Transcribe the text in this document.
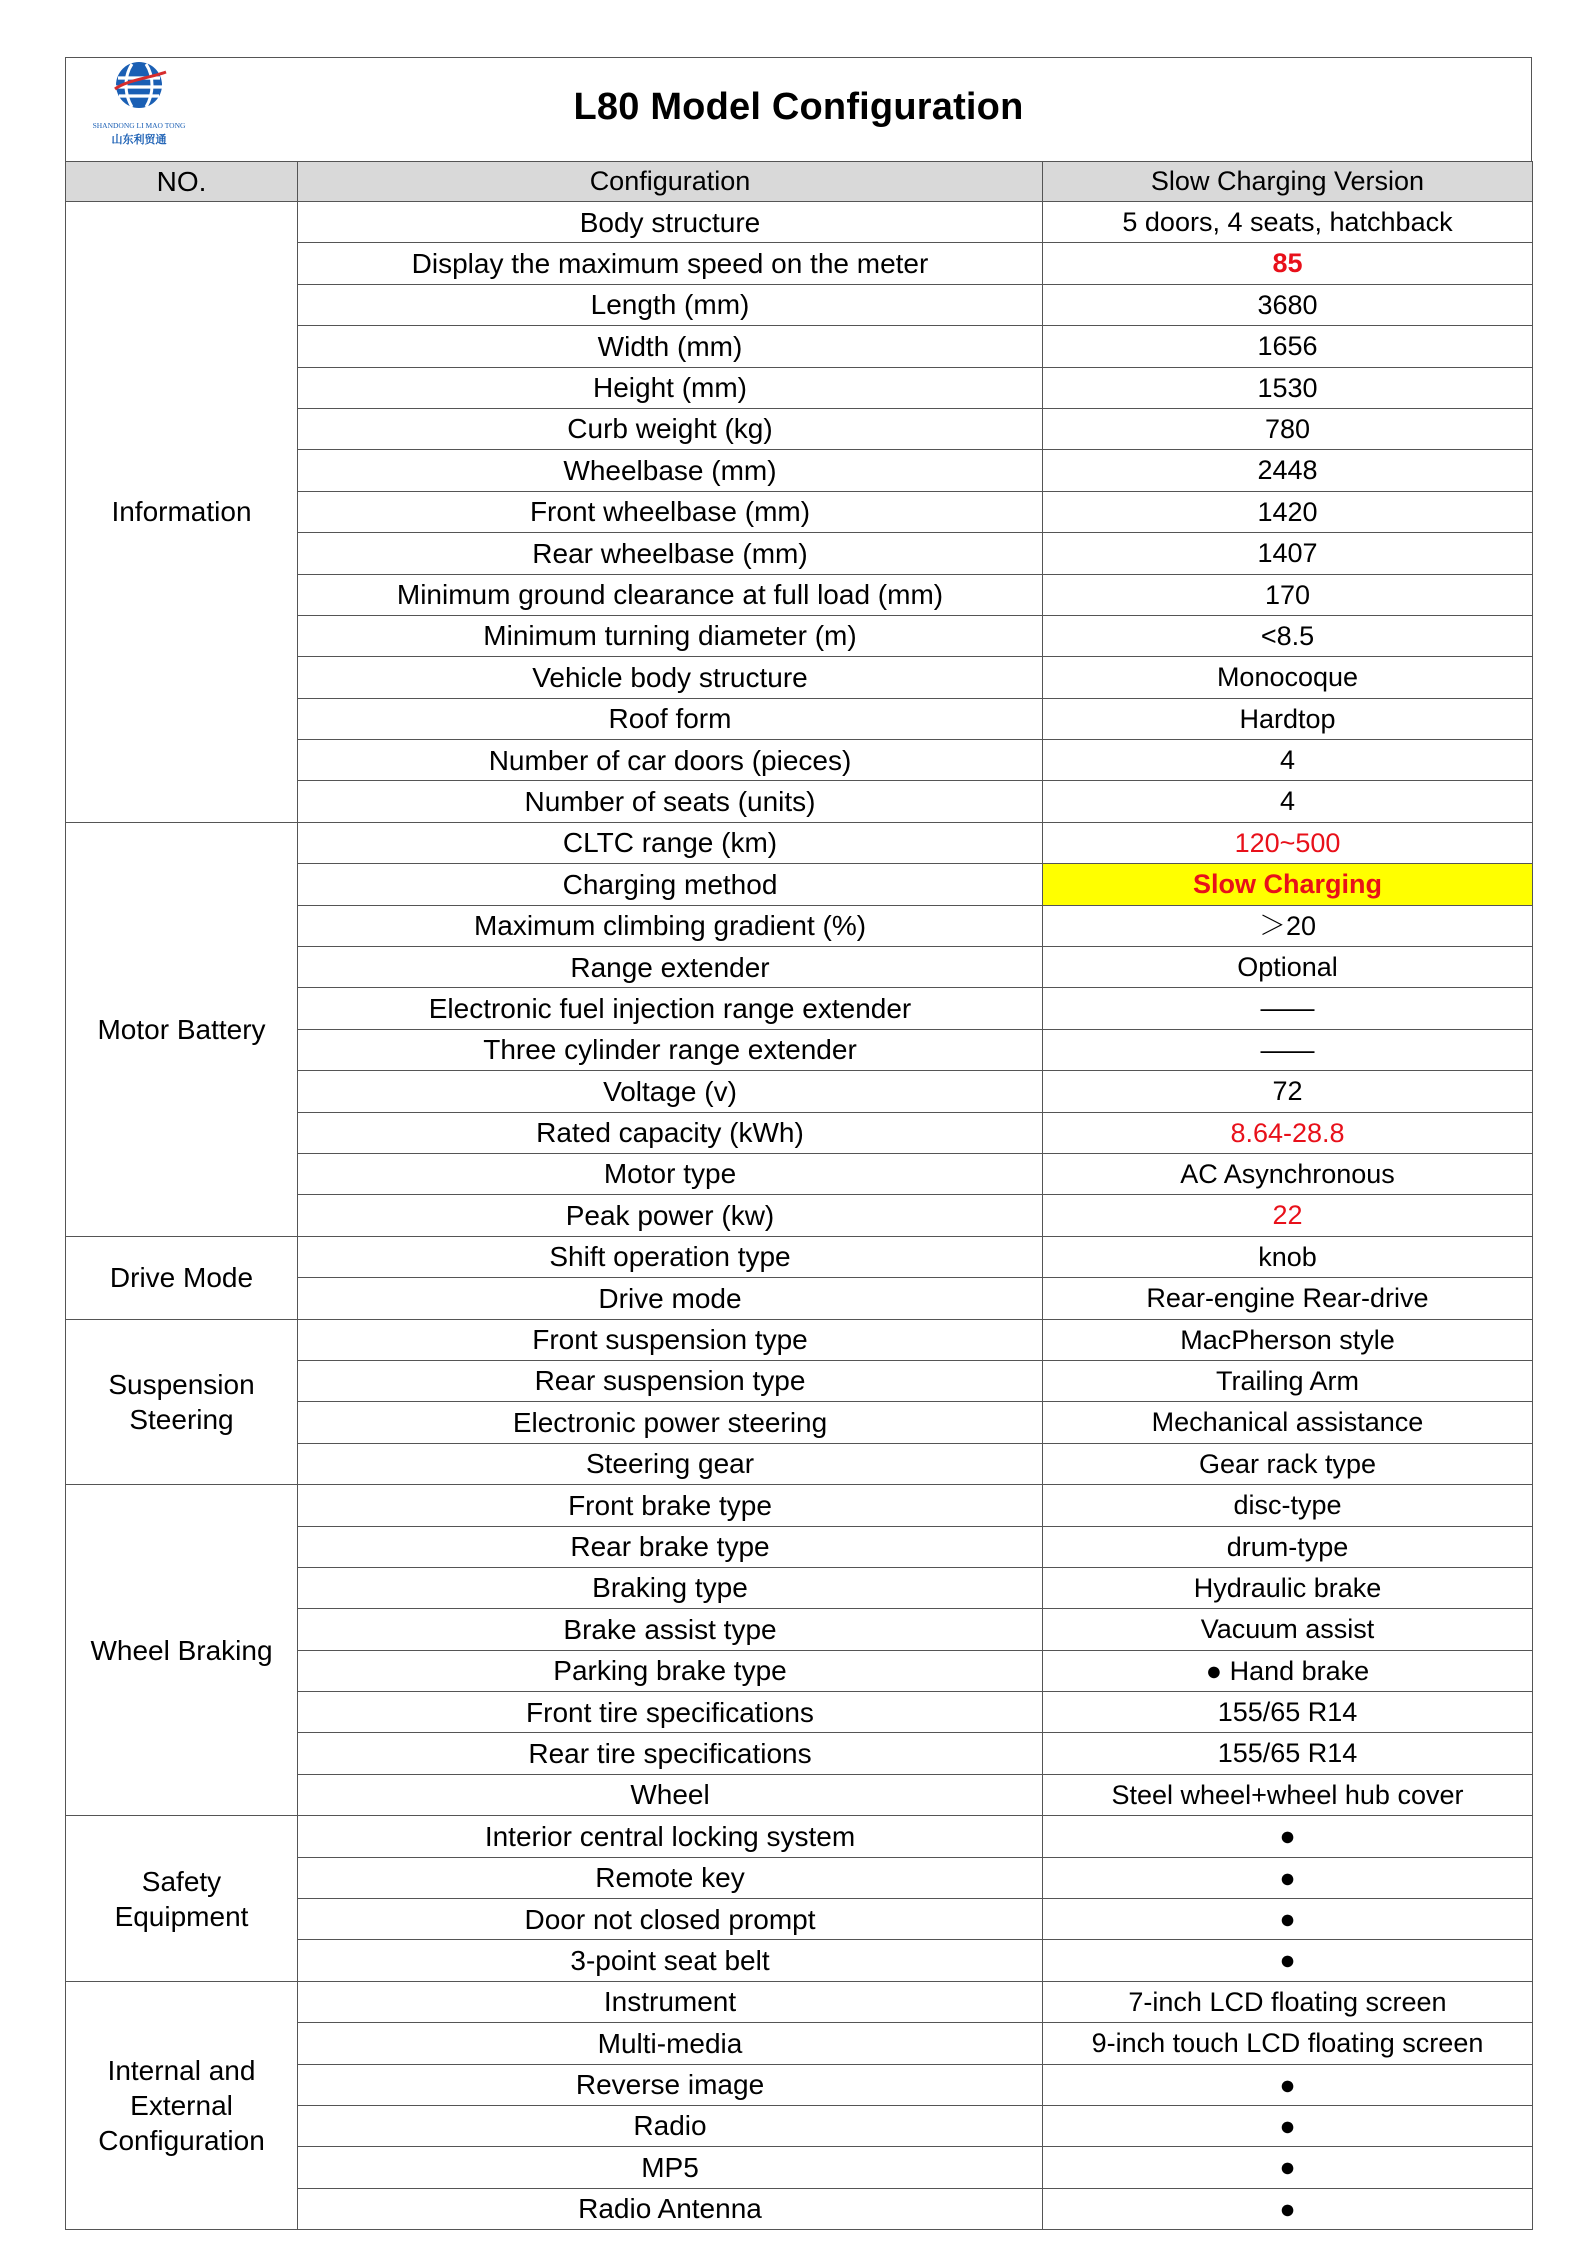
SHANDONG LI MAO TONG
山东利贸通
L80 Model Configuration
NO.	Configuration	Slow Charging Version
Information	Body structure	5 doors, 4 seats, hatchback
	Display the maximum speed on the meter	85
	Length (mm)	3680
	Width (mm)	1656
	Height (mm)	1530
	Curb weight (kg)	780
	Wheelbase (mm)	2448
	Front wheelbase (mm)	1420
	Rear wheelbase (mm)	1407
	Minimum ground clearance at full load (mm)	170
	Minimum turning diameter (m)	<8.5
	Vehicle body structure	Monocoque
	Roof form	Hardtop
	Number of car doors (pieces)	4
	Number of seats (units)	4
Motor Battery	CLTC range (km)	120~500
	Charging method	Slow Charging
	Maximum climbing gradient (%)	＞20
	Range extender	Optional
	Electronic fuel injection range extender	——
	Three cylinder range extender	——
	Voltage (v)	72
	Rated capacity (kWh)	8.64-28.8
	Motor type	AC Asynchronous
	Peak power (kw)	22
Drive Mode	Shift operation type	knob
	Drive mode	Rear-engine Rear-drive
Suspension
Steering	Front suspension type	MacPherson style
	Rear suspension type	Trailing Arm
	Electronic power steering	Mechanical assistance
	Steering gear	Gear rack type
Wheel Braking	Front brake type	disc-type
	Rear brake type	drum-type
	Braking type	Hydraulic brake
	Brake assist type	Vacuum assist
	Parking brake type	● Hand brake
	Front tire specifications	155/65 R14
	Rear tire specifications	155/65 R14
	Wheel	Steel wheel+wheel hub cover
Safety
Equipment	Interior central locking system	●
	Remote key	●
	Door not closed prompt	●
	3-point seat belt	●
Internal and
External
Configuration	Instrument	7-inch LCD floating screen
	Multi-media	9-inch touch LCD floating screen
	Reverse image	●
	Radio	●
	MP5	●
	Radio Antenna	●
